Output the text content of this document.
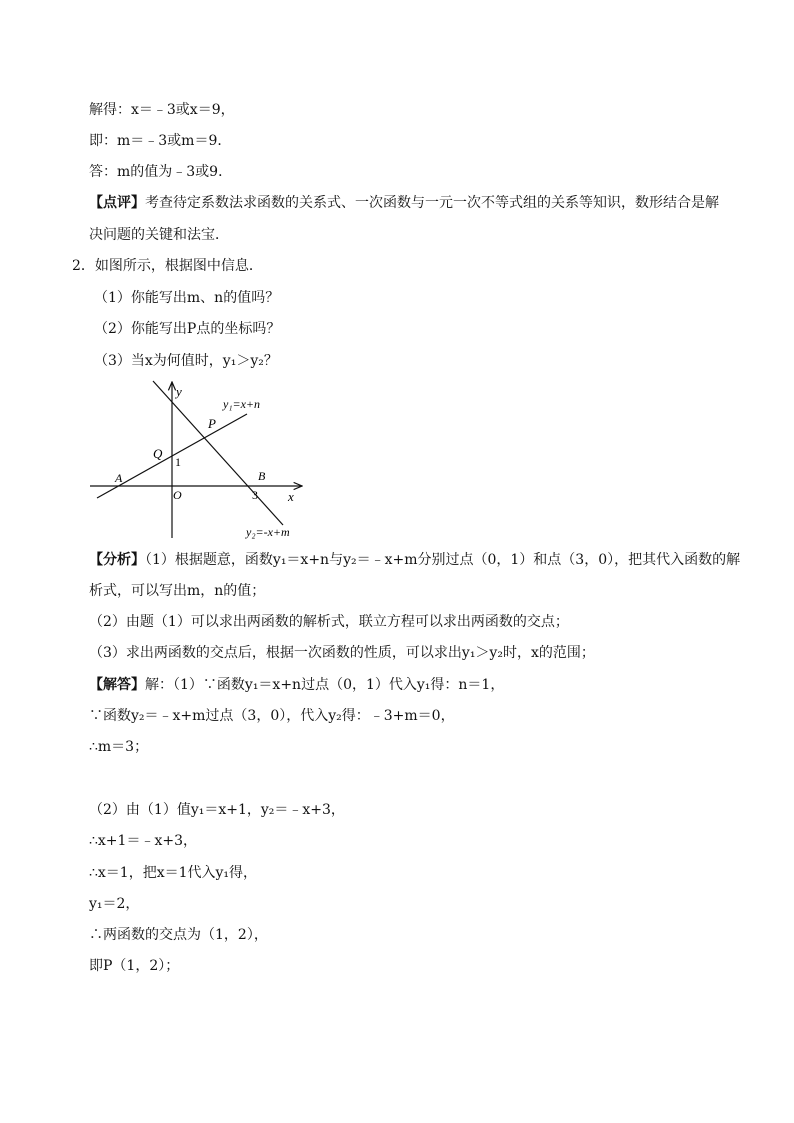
解得：x＝﹣3或x＝9，
即：m＝﹣3或m＝9．
答：m的值为﹣3或9．
【点评】考查待定系数法求函数的关系式、一次函数与一元一次不等式组的关系等知识，数形结合是解
决问题的关键和法宝．
2．如图所示，根据图中信息．
（1）你能写出m、n的值吗？
（2）你能写出P点的坐标吗？
（3）当x为何值时，y₁＞y₂？
y
x
O
P
Q
A	B
1
3
y₁=x+n
y₂=-x+m
【分析】（1）根据题意，函数y₁＝x+n与y₂＝﹣x+m分别过点（0，1）和点（3，0），把其代入函数的解
析式，可以写出m，n的值；
（2）由题（1）可以求出两函数的解析式，联立方程可以求出两函数的交点；
（3）求出两函数的交点后，根据一次函数的性质，可以求出y₁＞y₂时，x的范围；
【解答】解：（1）∵函数y₁＝x+n过点（0，1）代入y₁得：n＝1，
∵函数y₂＝﹣x+m过点（3，0），代入y₂得：﹣3+m＝0，
∴m＝3；
（2）由（1）值y₁＝x+1，y₂＝﹣x+3，
∴x+1＝﹣x+3，
∴x＝1，把x＝1代入y₁得，
y₁＝2，
∴两函数的交点为（1，2），
即P（1，2）；
